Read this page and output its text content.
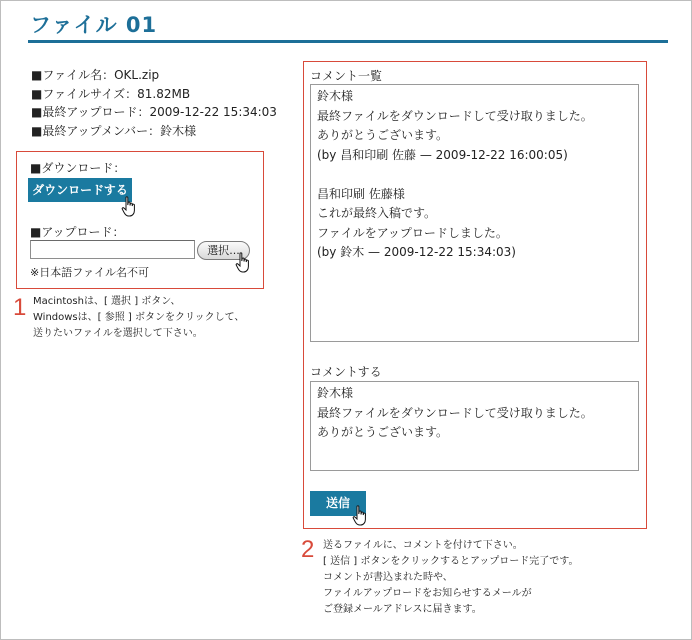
ファイル 01
■ファイル名：OKL.zip
■ファイルサイズ：81.82MB
■最終アップロード：2009-12-22 15:34:03
■最終アップメンバー：鈴木様
■ダウンロード：
ダウンロードする
■アップロード：
選択...
※日本語ファイル名不可
1 Macintoshは、[ 選択 ] ボタン、
Windowsは、[ 参照 ] ボタンをクリックして、
送りたいファイルを選択して下さい。
コメント一覧
鈴木様
最終ファイルをダウンロードして受け取りました。
ありがとうございます。
(by 昌和印刷 佐藤 — 2009-12-22 16:00:05)
昌和印刷 佐藤様
これが最終入稿です。
ファイルをアップロードしました。
(by 鈴木 — 2009-12-22 15:34:03)
コメントする
鈴木様
最終ファイルをダウンロードして受け取りました。
ありがとうございます。
送信
2 送るファイルに、コメントを付けて下さい。
[ 送信 ] ボタンをクリックするとアップロード完了です。
コメントが書込まれた時や、
ファイルアップロードをお知らせするメールが
ご登録メールアドレスに届きます。
